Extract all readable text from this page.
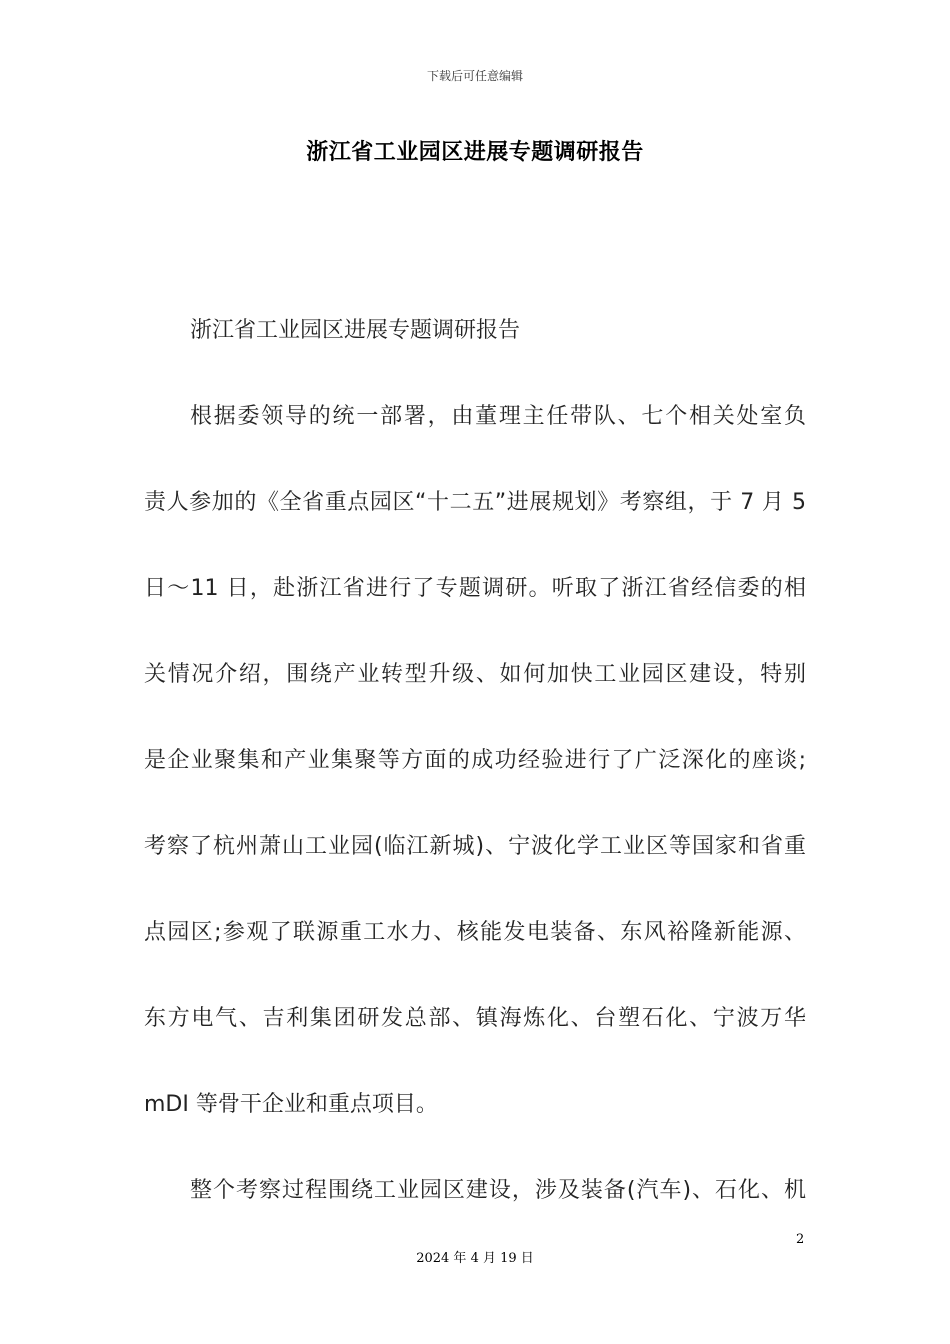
下载后可任意编辑
浙江省工业园区进展专题调研报告
浙江省工业园区进展专题调研报告
根据委领导的统一部署，由董理主任带队、七个相关处室负
责人参加的《全省重点园区“十二五”进展规划》考察组，于 7 月 5
日～11 日，赴浙江省进行了专题调研。听取了浙江省经信委的相
关情况介绍，围绕产业转型升级、如何加快工业园区建设，特别
是企业聚集和产业集聚等方面的成功经验进行了广泛深化的座谈;
考察了杭州萧山工业园(临江新城)、宁波化学工业区等国家和省重
点园区;参观了联源重工水力、核能发电装备、东风裕隆新能源、
东方电气、吉利集团研发总部、镇海炼化、台塑石化、宁波万华
mDI 等骨干企业和重点项目。
整个考察过程围绕工业园区建设，涉及装备(汽车)、石化、机
2
2024 年 4 月 19 日
